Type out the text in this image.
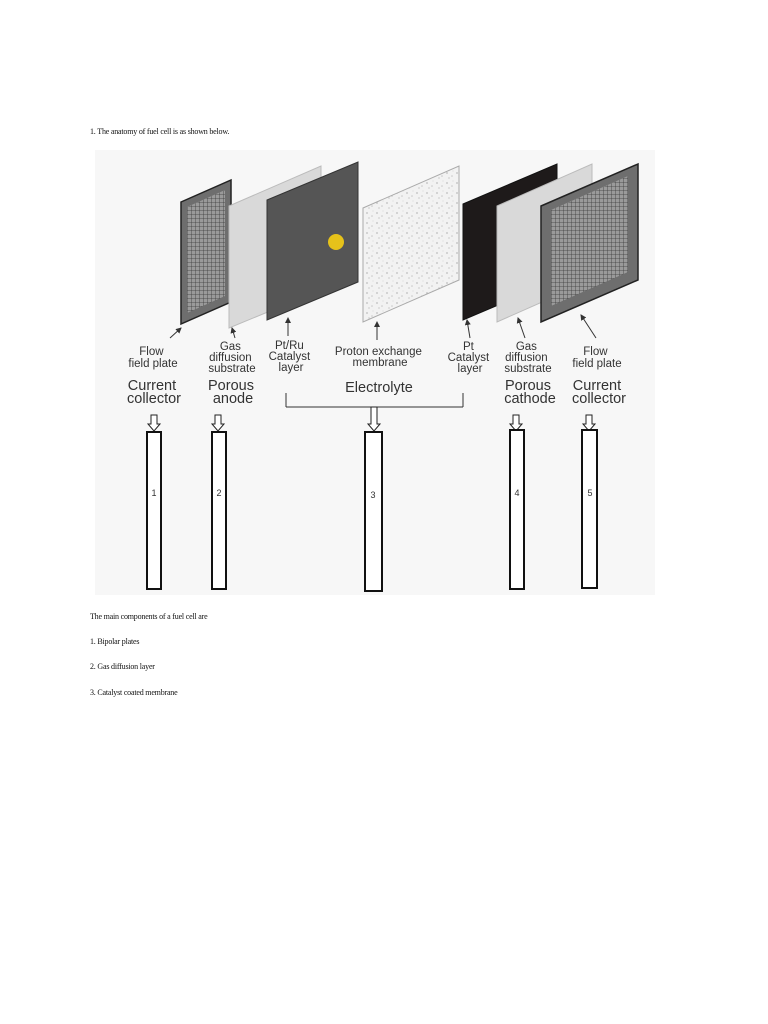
1. The anatomy of fuel cell is as shown below.
Flow field plate
Gas diffusion substrate
Pt/Ru Catalyst layer
Proton exchange membrane
Pt Catalyst layer
Gas diffusion substrate
Flow field plate
Current collector
Porous anode
Electrolyte	Porous cathode
Current collector
1	2	3	4	5
The main components of a fuel cell are
1. Bipolar plates
2. Gas diffusion layer
3. Catalyst coated membrane
